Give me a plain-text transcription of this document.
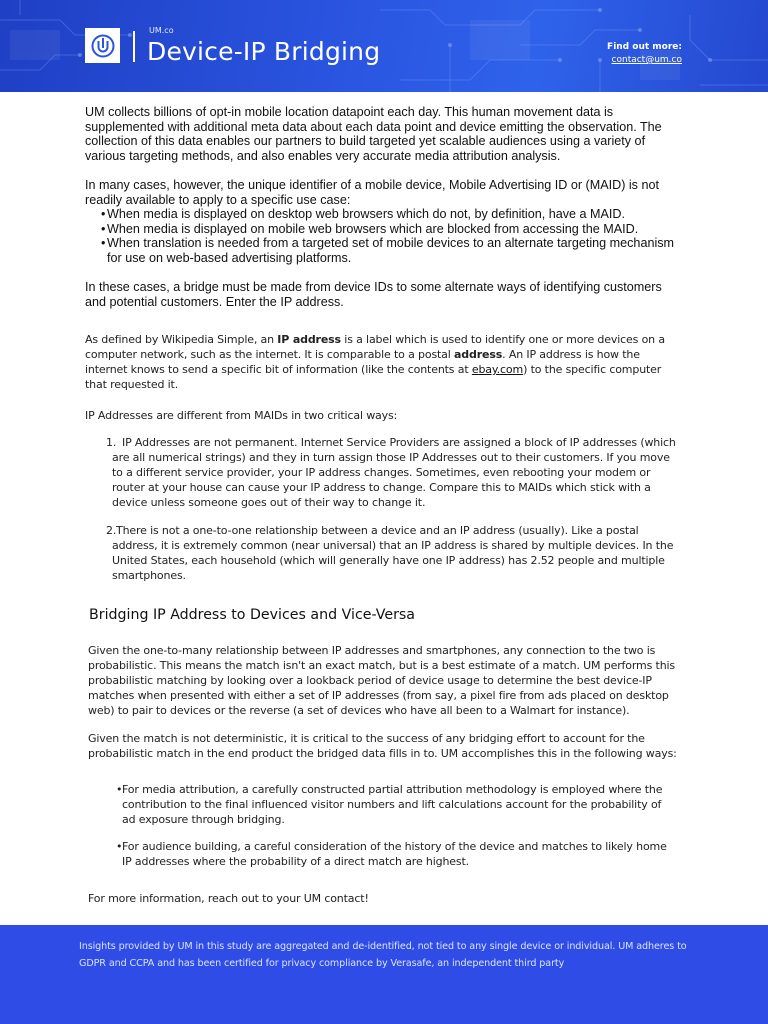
UM.co
Device-IP Bridging	Find out more:
contact@um.co

UM collects billions of opt-in mobile location datapoint each day. This human movement data is supplemented with additional meta data about each data point and device emitting the observation. The collection of this data enables our partners to build targeted yet scalable audiences using a variety of various targeting methods, and also enables very accurate media attribution analysis.

In many cases, however, the unique identifier of a mobile device, Mobile Advertising ID or (MAID) is not readily available to apply to a specific use case:

• When media is displayed on desktop web browsers which do not, by definition, have a MAID.
• When media is displayed on mobile web browsers which are blocked from accessing the MAID.
• When translation is needed from a targeted set of mobile devices to an alternate targeting mechanism for use on web-based advertising platforms.

In these cases, a bridge must be made from device IDs to some alternate ways of identifying customers and potential customers. Enter the IP address.

As defined by Wikipedia Simple, an IP address is a label which is used to identify one or more devices on a computer network, such as the internet. It is comparable to a postal address. An IP address is how the internet knows to send a specific bit of information (like the contents at ebay.com) to the specific computer that requested it.

IP Addresses are different from MAIDs in two critical ways:
1. IP Addresses are not permanent. Internet Service Providers are assigned a block of IP addresses (which are all numerical strings) and they in turn assign those IP Addresses out to their customers. If you move to a different service provider, your IP address changes. Sometimes, even rebooting your modem or router at your house can cause your IP address to change. Compare this to MAIDs which stick with a device unless someone goes out of their way to change it.
2. There is not a one-to-one relationship between a device and an IP address (usually). Like a postal address, it is extremely common (near universal) that an IP address is shared by multiple devices. In the United States, each household (which will generally have one IP address) has 2.52 people and multiple smartphones.
Bridging IP Address to Devices and Vice-Versa
Given the one-to-many relationship between IP addresses and smartphones, any connection to the two is probabilistic. This means the match isn't an exact match, but is a best estimate of a match. UM performs this probabilistic matching by looking over a lookback period of device usage to determine the best device-IP matches when presented with either a set of IP addresses (from say, a pixel fire from ads placed on desktop web) to pair to devices or the reverse (a set of devices who have all been to a Walmart for instance).
Given the match is not deterministic, it is critical to the success of any bridging effort to account for the probabilistic match in the end product the bridged data fills in to. UM accomplishes this in the following ways:
• For media attribution, a carefully constructed partial attribution methodology is employed where the contribution to the final influenced visitor numbers and lift calculations account for the probability of ad exposure through bridging.
• For audience building, a careful consideration of the history of the device and matches to likely home IP addresses where the probability of a direct match are highest.
For more information, reach out to your UM contact!

Insights provided by UM in this study are aggregated and de-identified, not tied to any single device or individual. UM adheres to GDPR and CCPA and has been certified for privacy compliance by Verasafe, an independent third party
